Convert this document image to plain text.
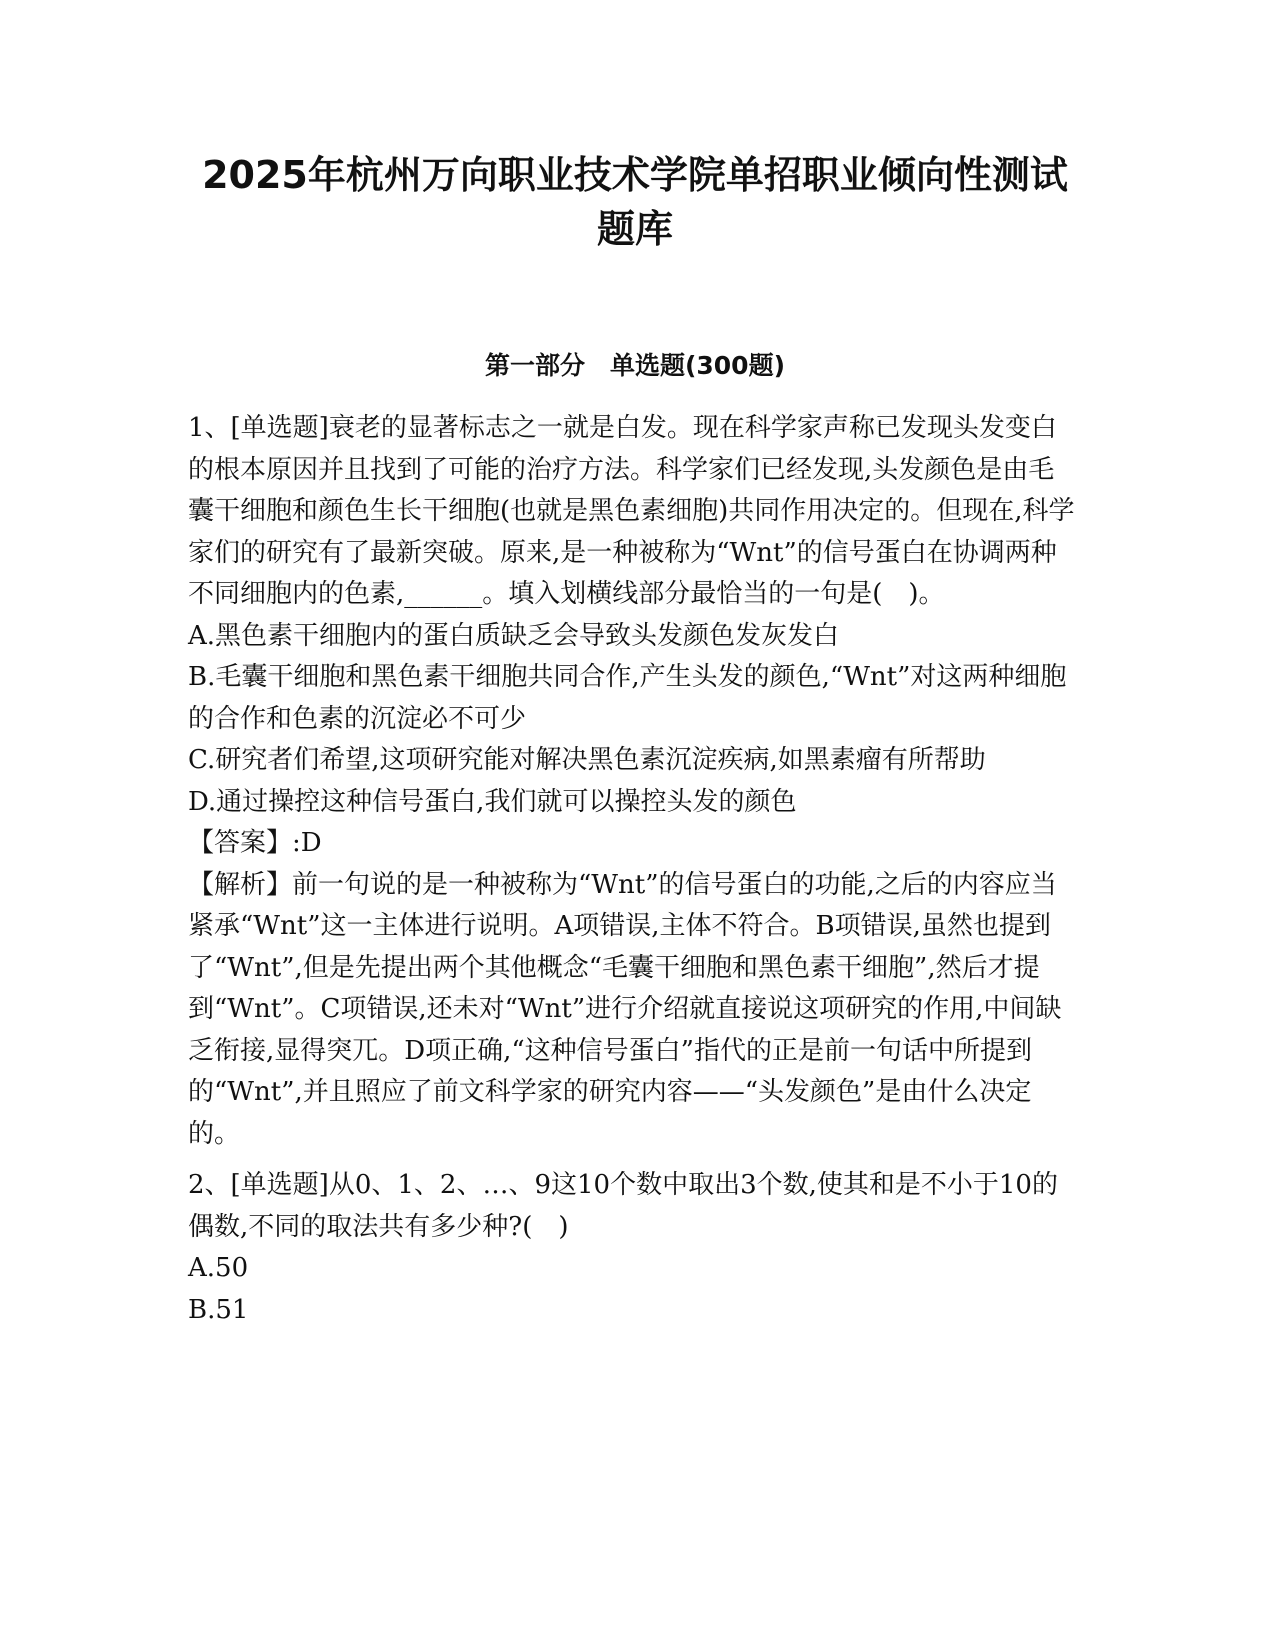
2025年杭州万向职业技术学院单招职业倾向性测试题库
第一部分　单选题(300题)

1、[单选题]衰老的显著标志之一就是白发。现在科学家声称已发现头发变白的根本原因并且找到了可能的治疗方法。科学家们已经发现,头发颜色是由毛囊干细胞和颜色生长干细胞(也就是黑色素细胞)共同作用决定的。但现在,科学家们的研究有了最新突破。原来,是一种被称为“Wnt”的信号蛋白在协调两种不同细胞内的色素,______。填入划横线部分最恰当的一句是(　)。

A.黑色素干细胞内的蛋白质缺乏会导致头发颜色发灰发白

B.毛囊干细胞和黑色素干细胞共同合作,产生头发的颜色,“Wnt”对这两种细胞的合作和色素的沉淀必不可少

C.研究者们希望,这项研究能对解决黑色素沉淀疾病,如黑素瘤有所帮助

D.通过操控这种信号蛋白,我们就可以操控头发的颜色

【答案】:D

【解析】前一句说的是一种被称为“Wnt”的信号蛋白的功能,之后的内容应当紧承“Wnt”这一主体进行说明。A项错误,主体不符合。B项错误,虽然也提到了“Wnt”,但是先提出两个其他概念“毛囊干细胞和黑色素干细胞”,然后才提到“Wnt”。C项错误,还未对“Wnt”进行介绍就直接说这项研究的作用,中间缺乏衔接,显得突兀。D项正确,“这种信号蛋白”指代的正是前一句话中所提到的“Wnt”,并且照应了前文科学家的研究内容——“头发颜色”是由什么决定的。

2、[单选题]从0、1、2、…、9这10个数中取出3个数,使其和是不小于10的偶数,不同的取法共有多少种?(　)

A.50

B.51
